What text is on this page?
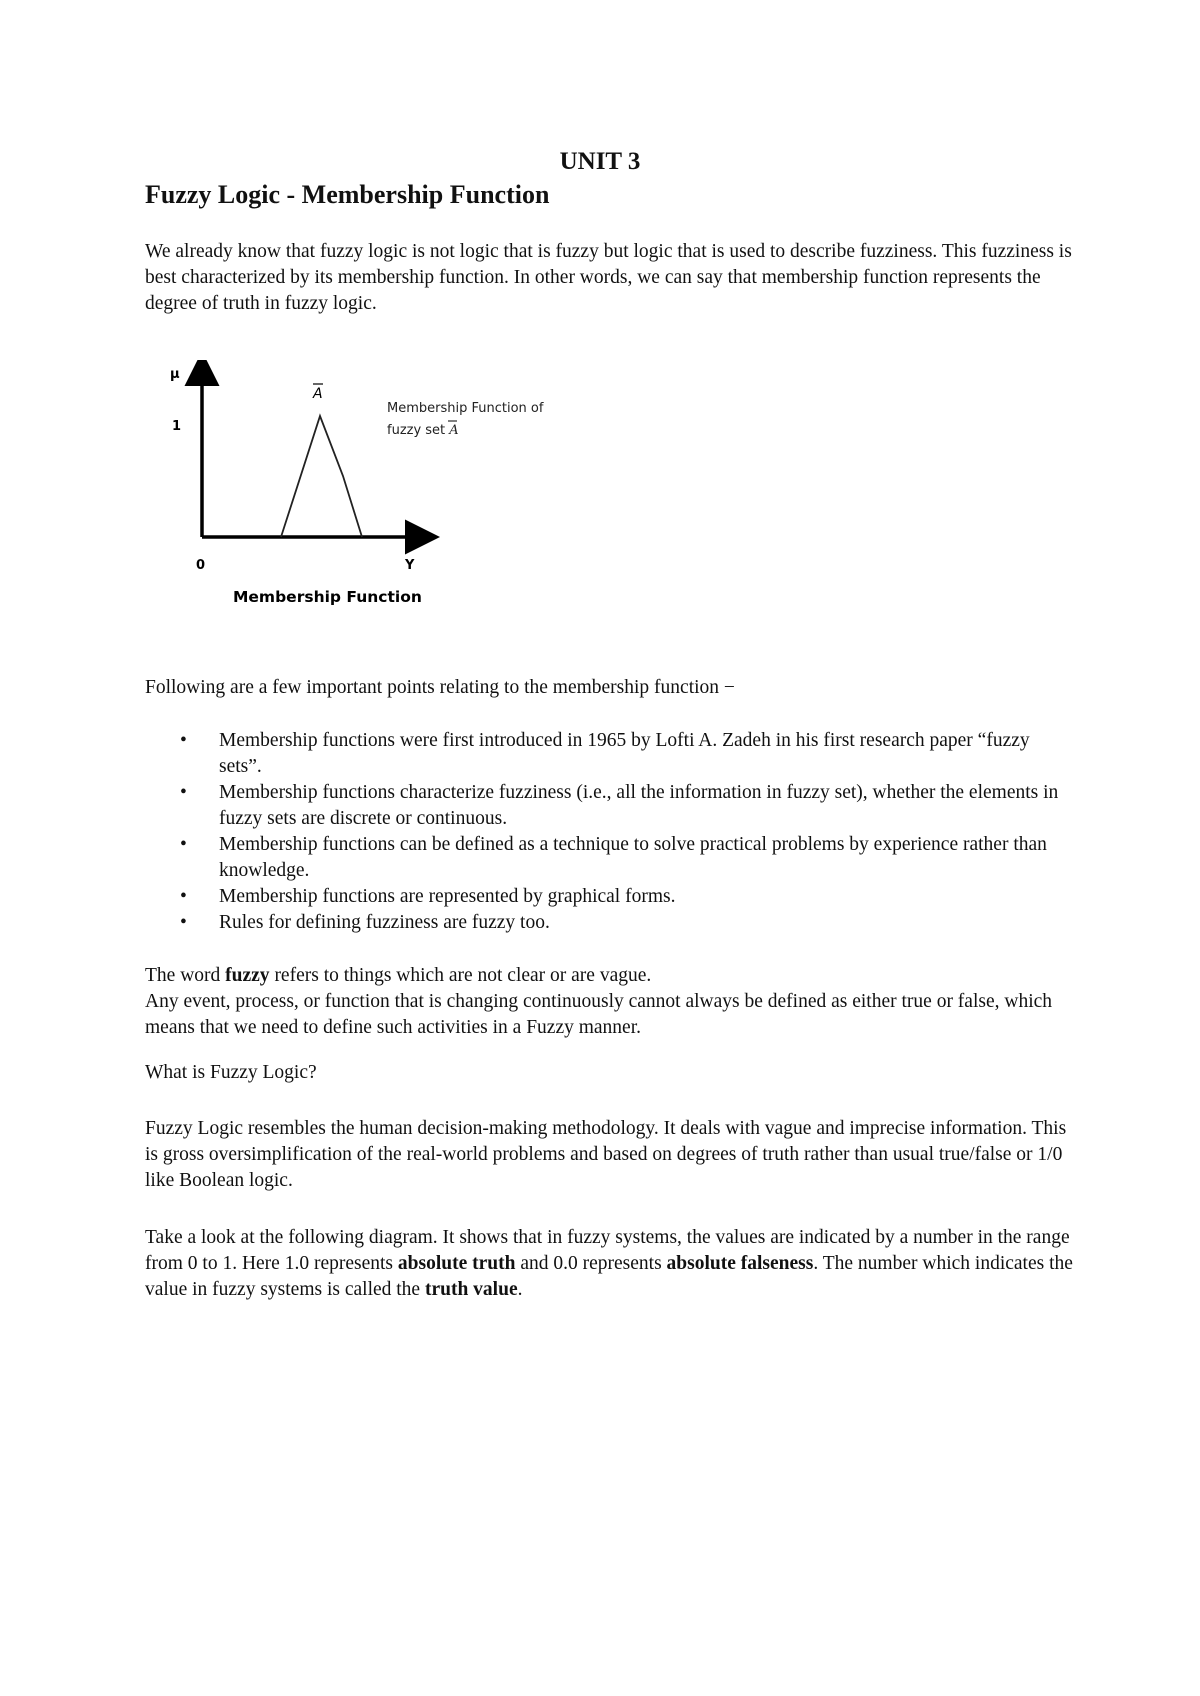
UNIT 3
Fuzzy Logic - Membership Function

We already know that fuzzy logic is not logic that is fuzzy but logic that is used to describe fuzziness. This fuzziness is best characterized by its membership function. In other words, we can say that membership function represents the degree of truth in fuzzy logic.

μ
1
0	Y
A
Membership Function of
fuzzy set A
Membership Function

Following are a few important points relating to the membership function −

• Membership functions were first introduced in 1965 by Lofti A. Zadeh in his first research paper “fuzzy sets”.
• Membership functions characterize fuzziness (i.e., all the information in fuzzy set), whether the elements in fuzzy sets are discrete or continuous.
• Membership functions can be defined as a technique to solve practical problems by experience rather than knowledge.
• Membership functions are represented by graphical forms.
• Rules for defining fuzziness are fuzzy too.

The word fuzzy refers to things which are not clear or are vague.

Any event, process, or function that is changing continuously cannot always be defined as either true or false, which means that we need to define such activities in a Fuzzy manner.

What is Fuzzy Logic?

Fuzzy Logic resembles the human decision-making methodology. It deals with vague and imprecise information. This is gross oversimplification of the real-world problems and based on degrees of truth rather than usual true/false or 1/0 like Boolean logic.

Take a look at the following diagram. It shows that in fuzzy systems, the values are indicated by a number in the range from 0 to 1. Here 1.0 represents absolute truth and 0.0 represents absolute falseness. The number which indicates the value in fuzzy systems is called the truth value.
